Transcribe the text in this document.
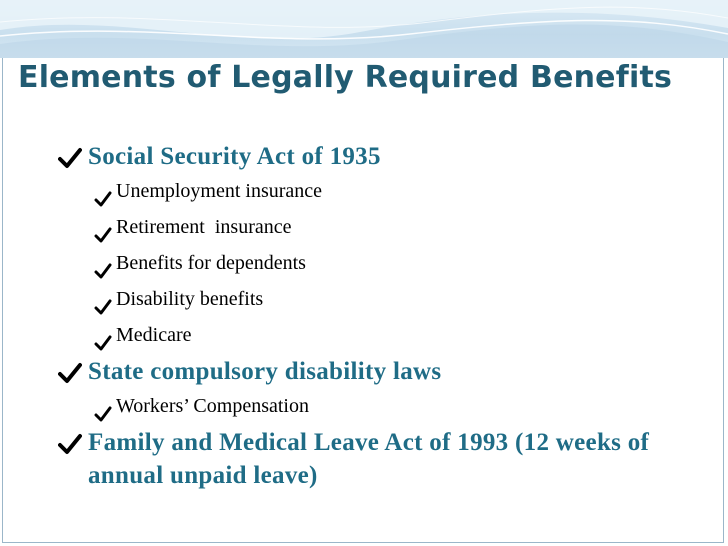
Elements of Legally Required Benefits
Social Security Act of 1935
Unemployment insurance
Retirement  insurance
Benefits for dependents
Disability benefits
Medicare
State compulsory disability laws
Workers’ Compensation
Family and Medical Leave Act of 1993 (12 weeks of annual unpaid leave)
